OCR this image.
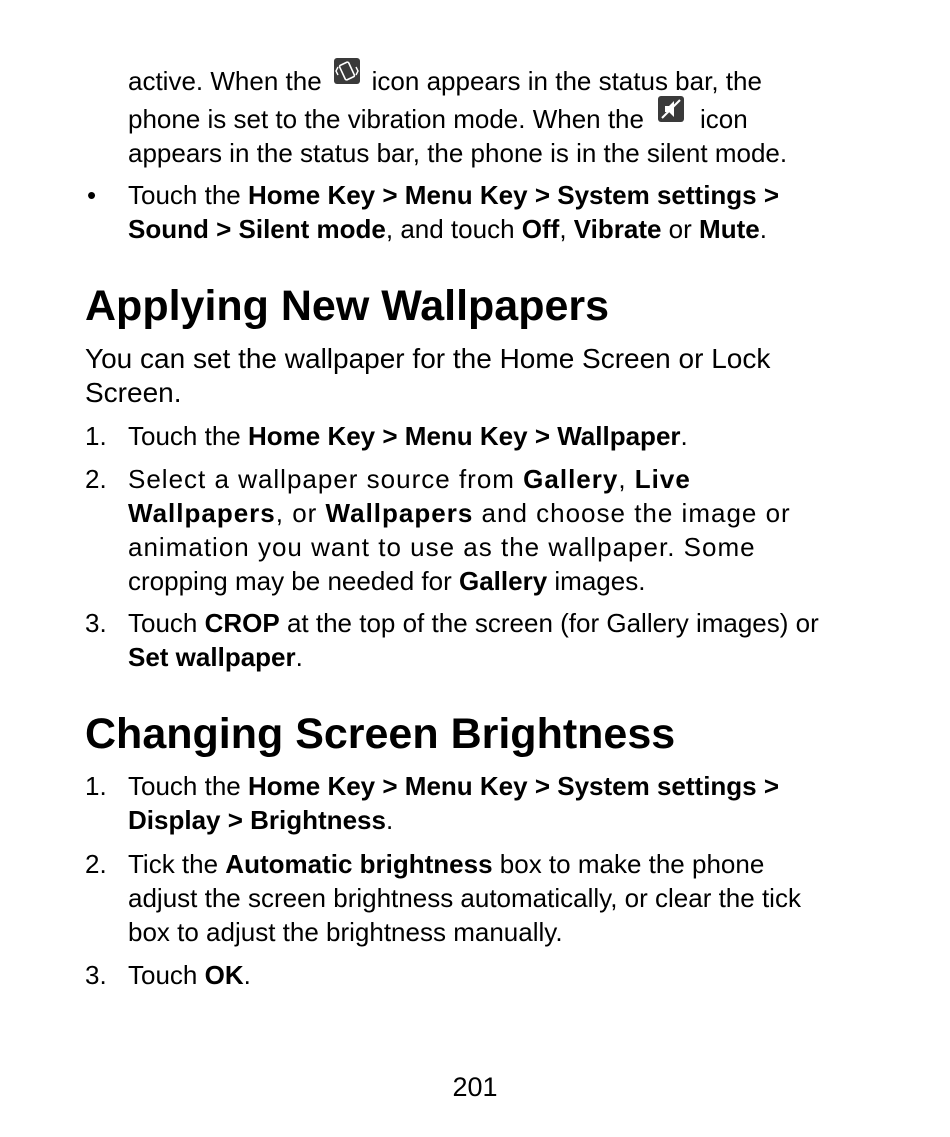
active. When the icon appears in the status bar, the
phone is set to the vibration mode. When the icon
appears in the status bar, the phone is in the silent mode.
• Touch the Home Key > Menu Key > System settings >
Sound > Silent mode, and touch Off, Vibrate or Mute.
Applying New Wallpapers
You can set the wallpaper for the Home Screen or Lock
Screen.
1. Touch the Home Key > Menu Key > Wallpaper.
2. Select a wallpaper source from Gallery, Live
Wallpapers, or Wallpapers and choose the image or
animation you want to use as the wallpaper. Some
cropping may be needed for Gallery images.
3. Touch CROP at the top of the screen (for Gallery images) or
Set wallpaper.
Changing Screen Brightness
1. Touch the Home Key > Menu Key > System settings >
Display > Brightness.
2. Tick the Automatic brightness box to make the phone
adjust the screen brightness automatically, or clear the tick
box to adjust the brightness manually.
3. Touch OK.
201
